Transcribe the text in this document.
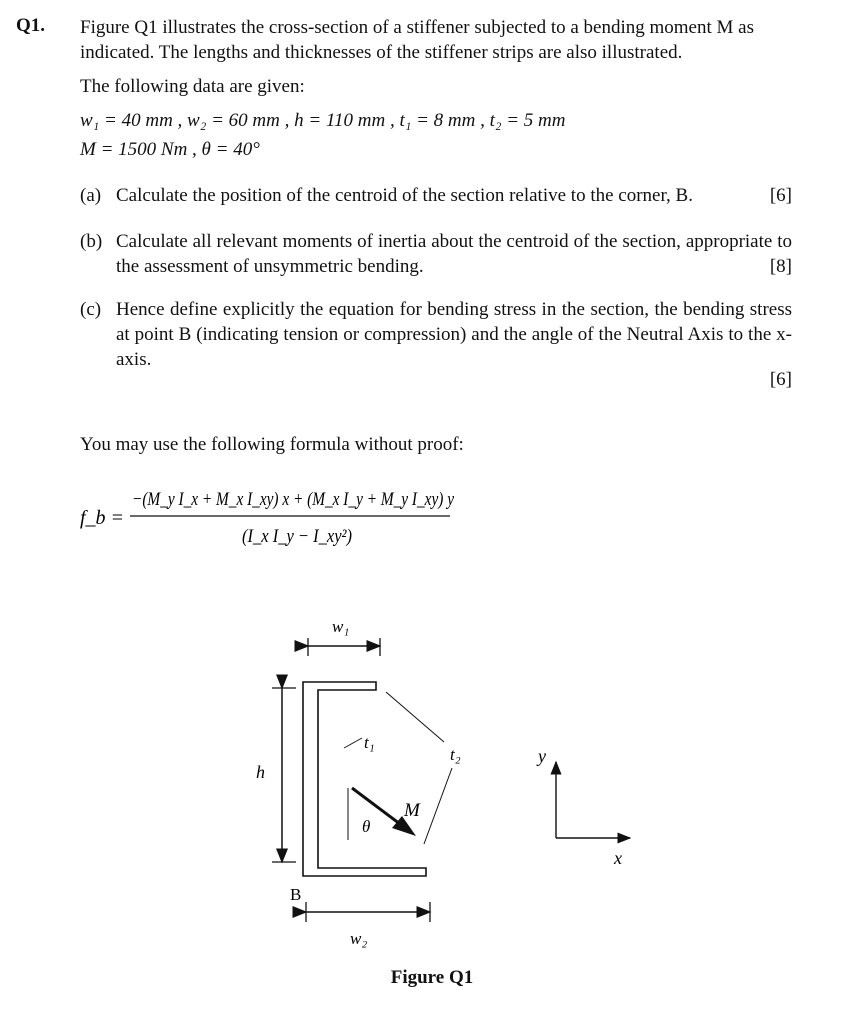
Q1. Figure Q1 illustrates the cross-section of a stiffener subjected to a bending moment M as indicated. The lengths and thicknesses of the stiffener strips are also illustrated.
The following data are given:
w₁ = 40 mm , w₂ = 60 mm , h = 110 mm , t₁ = 8 mm , t₂ = 5 mm
M = 1500 Nm , θ = 40°
(a) Calculate the position of the centroid of the section relative to the corner, B.	[6]
(b) Calculate all relevant moments of inertia about the centroid of the section, appropriate to the assessment of unsymmetric bending.	[8]
(c) Hence define explicitly the equation for bending stress in the section, the bending stress at point B (indicating tension or compression) and the angle of the Neutral Axis to the x-axis.
[6]
You may use the following formula without proof:
f_b =
−(M_y I_x + M_x I_xy) x + (M_x I_y + M_y I_xy) y
(I_x I_y − I_xy²)
w₁
h
t₁
t₂
M
θ
B
w₂
y
x
Figure Q1
